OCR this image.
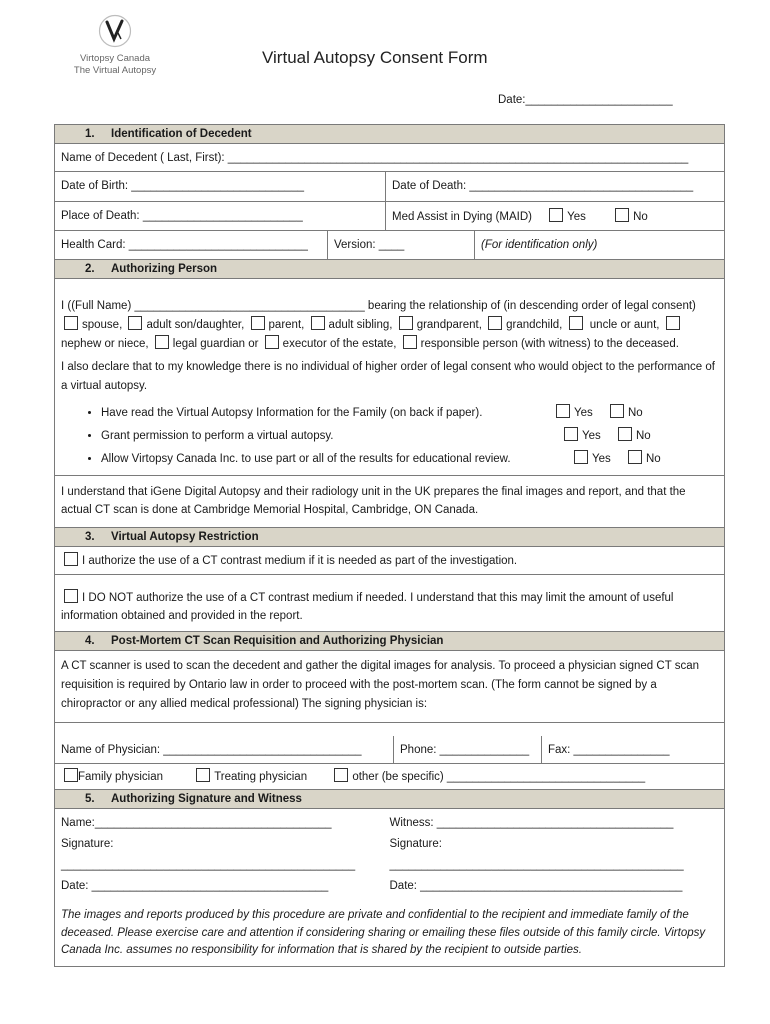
Virtopsy Canada
The Virtual Autopsy
Virtual Autopsy Consent Form
Date:_______________________
1. Identification of Decedent
Name of Decedent ( Last, First): ________________________________________________________________________
Date of Birth: ___________________________	Date of Death: ___________________________________
Place of Death: _________________________	Med Assist in Dying (MAID)	Yes	No
Health Card: ____________________________	Version: ____	(For identification only)
2. Authorizing Person
I ((Full Name) ____________________________________ bearing the relationship of (in descending order of legal consent) spouse, adult son/daughter, parent, adult sibling, grandparent, grandchild, uncle or aunt, nephew or niece, legal guardian or executor of the estate, responsible person (with witness) to the deceased.
I also declare that to my knowledge there is no individual of higher order of legal consent who would object to the performance of a virtual autopsy.
• Have read the Virtual Autopsy Information for the Family (on back if paper).	Yes	No
• Grant permission to perform a virtual autopsy.	Yes	No
• Allow Virtopsy Canada Inc. to use part or all of the results for educational review.	Yes	No
I understand that iGene Digital Autopsy and their radiology unit in the UK prepares the final images and report, and that the actual CT scan is done at Cambridge Memorial Hospital, Cambridge, ON Canada.
3. Virtual Autopsy Restriction
I authorize the use of a CT contrast medium if it is needed as part of the investigation.
I DO NOT authorize the use of a CT contrast medium if needed. I understand that this may limit the amount of useful information obtained and provided in the report.
4. Post-Mortem CT Scan Requisition and Authorizing Physician
A CT scanner is used to scan the decedent and gather the digital images for analysis. To proceed a physician signed CT scan requisition is required by Ontario law in order to proceed with the post-mortem scan. (The form cannot be signed by a chiropractor or any allied medical professional) The signing physician is:
Name of Physician: _______________________________	Phone: ______________	Fax: _______________
Family physician	Treating physician	other (be specific) _______________________________
5. Authorizing Signature and Witness
Name:_____________________________________
Signature:
______________________________________________
Date: _____________________________________
Witness: _____________________________________
Signature:
______________________________________________
Date: _________________________________________
The images and reports produced by this procedure are private and confidential to the recipient and immediate family of the deceased. Please exercise care and attention if considering sharing or emailing these files outside of this family circle. Virtopsy Canada Inc. assumes no responsibility for information that is shared by the recipient to outside parties.
